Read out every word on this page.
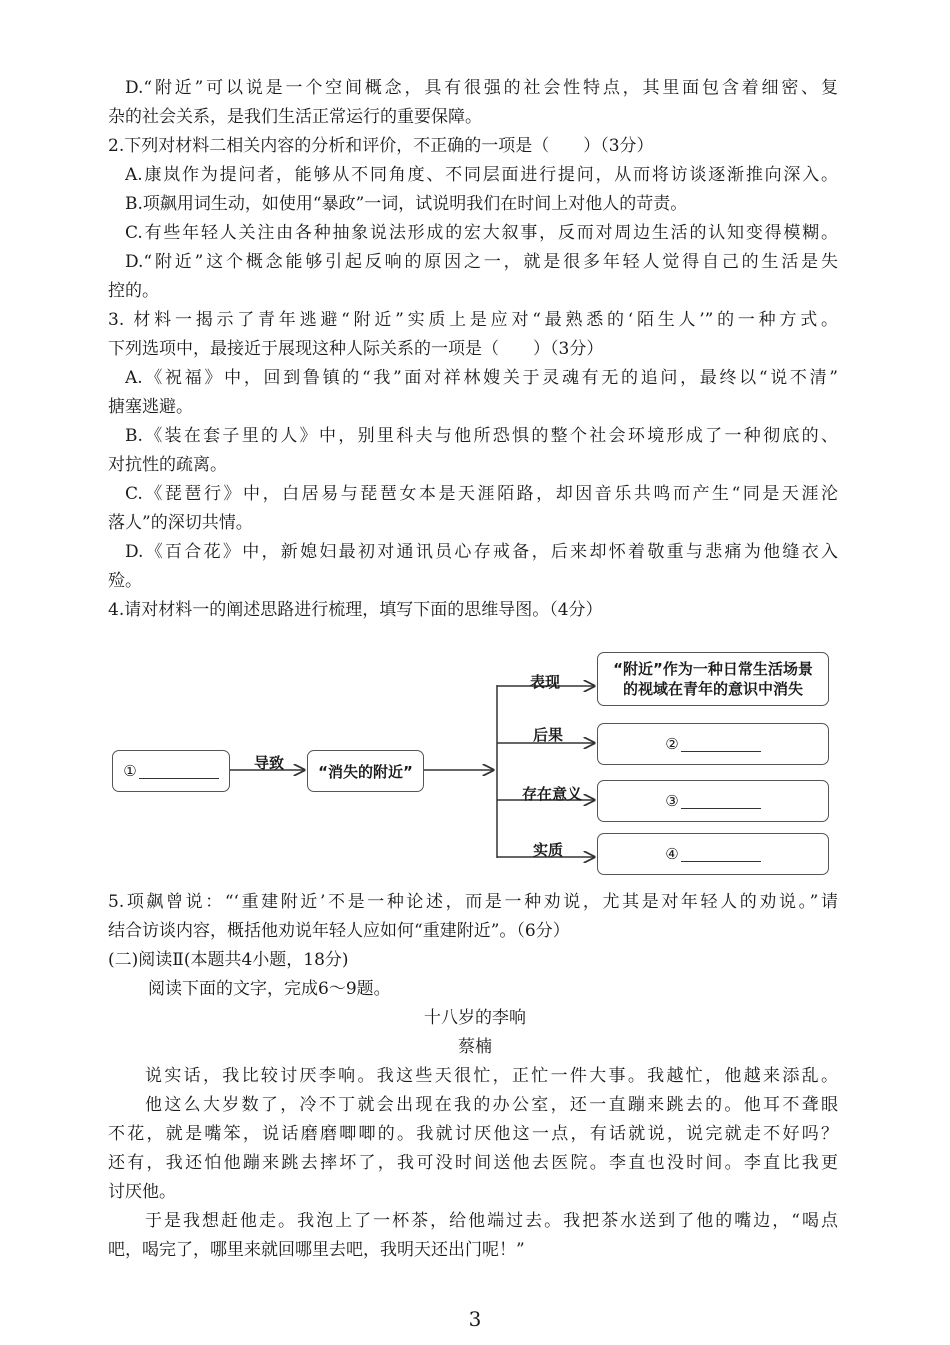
D.“附近”可以说是一个空间概念，具有很强的社会性特点，其里面包含着细密、复
杂的社会关系，是我们生活正常运行的重要保障。
2.下列对材料二相关内容的分析和评价，不正确的一项是（　　）（3分）
A.康岚作为提问者，能够从不同角度、不同层面进行提问，从而将访谈逐渐推向深入。
B.项飙用词生动，如使用“暴政”一词，试说明我们在时间上对他人的苛责。
C.有些年轻人关注由各种抽象说法形成的宏大叙事，反而对周边生活的认知变得模糊。
D.“附近”这个概念能够引起反响的原因之一，就是很多年轻人觉得自己的生活是失
控的。
3. 材料一揭示了青年逃避“附近”实质上是应对“最熟悉的‘陌生人’”的一种方式。
下列选项中，最接近于展现这种人际关系的一项是（　　）（3分）
A.《祝福》中，回到鲁镇的“我”面对祥林嫂关于灵魂有无的追问，最终以“说不清”
搪塞逃避。
B.《装在套子里的人》中，别里科夫与他所恐惧的整个社会环境形成了一种彻底的、
对抗性的疏离。
C.《琵琶行》中，白居易与琵琶女本是天涯陌路，却因音乐共鸣而产生“同是天涯沦
落人”的深切共情。
D.《百合花》中，新媳妇最初对通讯员心存戒备，后来却怀着敬重与悲痛为他缝衣入
殓。
4.请对材料一的阐述思路进行梳理，填写下面的思维导图。（4分）
①	导致	“消失的附近”
表现
后果
存在意义
实质
“附近”作为一种日常生活场景的视域在青年的意识中消失
②
③
④
5.项飙曾说：“‘重建附近’不是一种论述，而是一种劝说，尤其是对年轻人的劝说。”请
结合访谈内容，概括他劝说年轻人应如何“重建附近”。（6分）
(二)阅读Ⅱ(本题共4小题，18分)
阅读下面的文字，完成6～9题。
十八岁的李响
蔡楠
说实话，我比较讨厌李响。我这些天很忙，正忙一件大事。我越忙，他越来添乱。
他这么大岁数了，冷不丁就会出现在我的办公室，还一直蹦来跳去的。他耳不聋眼
不花，就是嘴笨，说话磨磨唧唧的。我就讨厌他这一点，有话就说，说完就走不好吗？
还有，我还怕他蹦来跳去摔坏了，我可没时间送他去医院。李直也没时间。李直比我更
讨厌他。
于是我想赶他走。我泡上了一杯茶，给他端过去。我把茶水送到了他的嘴边，“喝点
吧，喝完了，哪里来就回哪里去吧，我明天还出门呢！”
3
